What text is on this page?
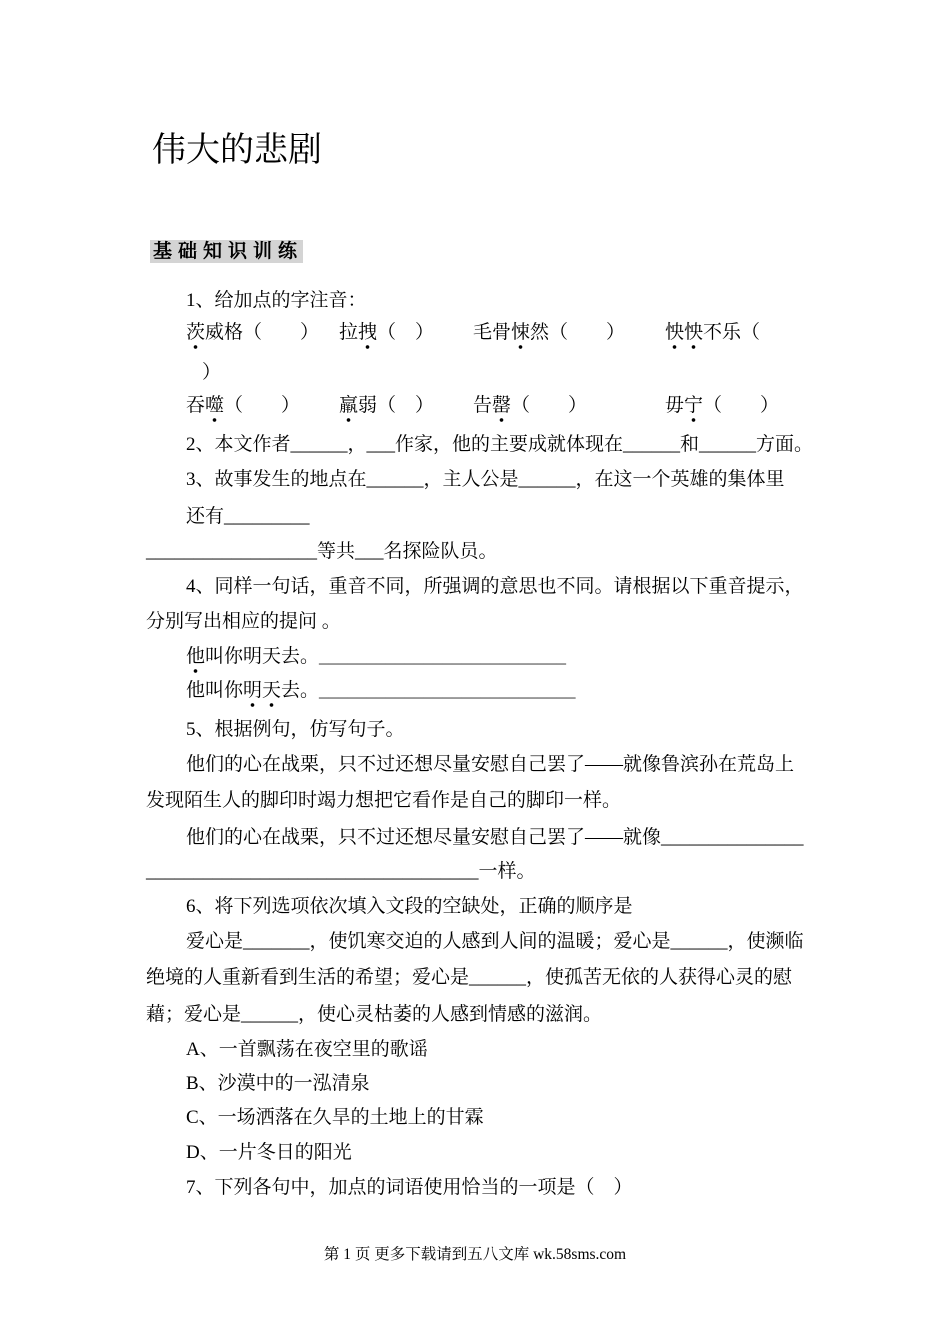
伟大的悲剧
基础知识训练
1、给加点的字注音：
茨威格（　　） 拉拽（　） 毛骨悚然（　　） 怏怏不乐（
）
吞噬（　　） 羸弱（　） 告罄（　　）	毋宁（　　）
2、本文作者______，___作家，他的主要成就体现在______和______方面。
3、故事发生的地点在______，主人公是______，在这一个英雄的集体里
还有_________
__________________等共___名探险队员。
4、同样一句话，重音不同，所强调的意思也不同。请根据以下重音提示，
分别写出相应的提问 。
他叫你明天去。__________________________
他叫你明天去。___________________________
5、根据例句，仿写句子。
他们的心在战栗，只不过还想尽量安慰自己罢了——就像鲁滨孙在荒岛上
发现陌生人的脚印时竭力想把它看作是自己的脚印一样。
他们的心在战栗，只不过还想尽量安慰自己罢了——就像_______________
___________________________________一样。
6、将下列选项依次填入文段的空缺处，正确的顺序是
爱心是_______，使饥寒交迫的人感到人间的温暖；爱心是______，使濒临
绝境的人重新看到生活的希望；爱心是______，使孤苦无依的人获得心灵的慰
藉；爱心是______，使心灵枯萎的人感到情感的滋润。
A、一首飘荡在夜空里的歌谣
B、沙漠中的一泓清泉
C、一场洒落在久旱的土地上的甘霖
D、一片冬日的阳光
7、下列各句中，加点的词语使用恰当的一项是（　）
第 1 页 更多下载请到五八文库 wk.58sms.com
